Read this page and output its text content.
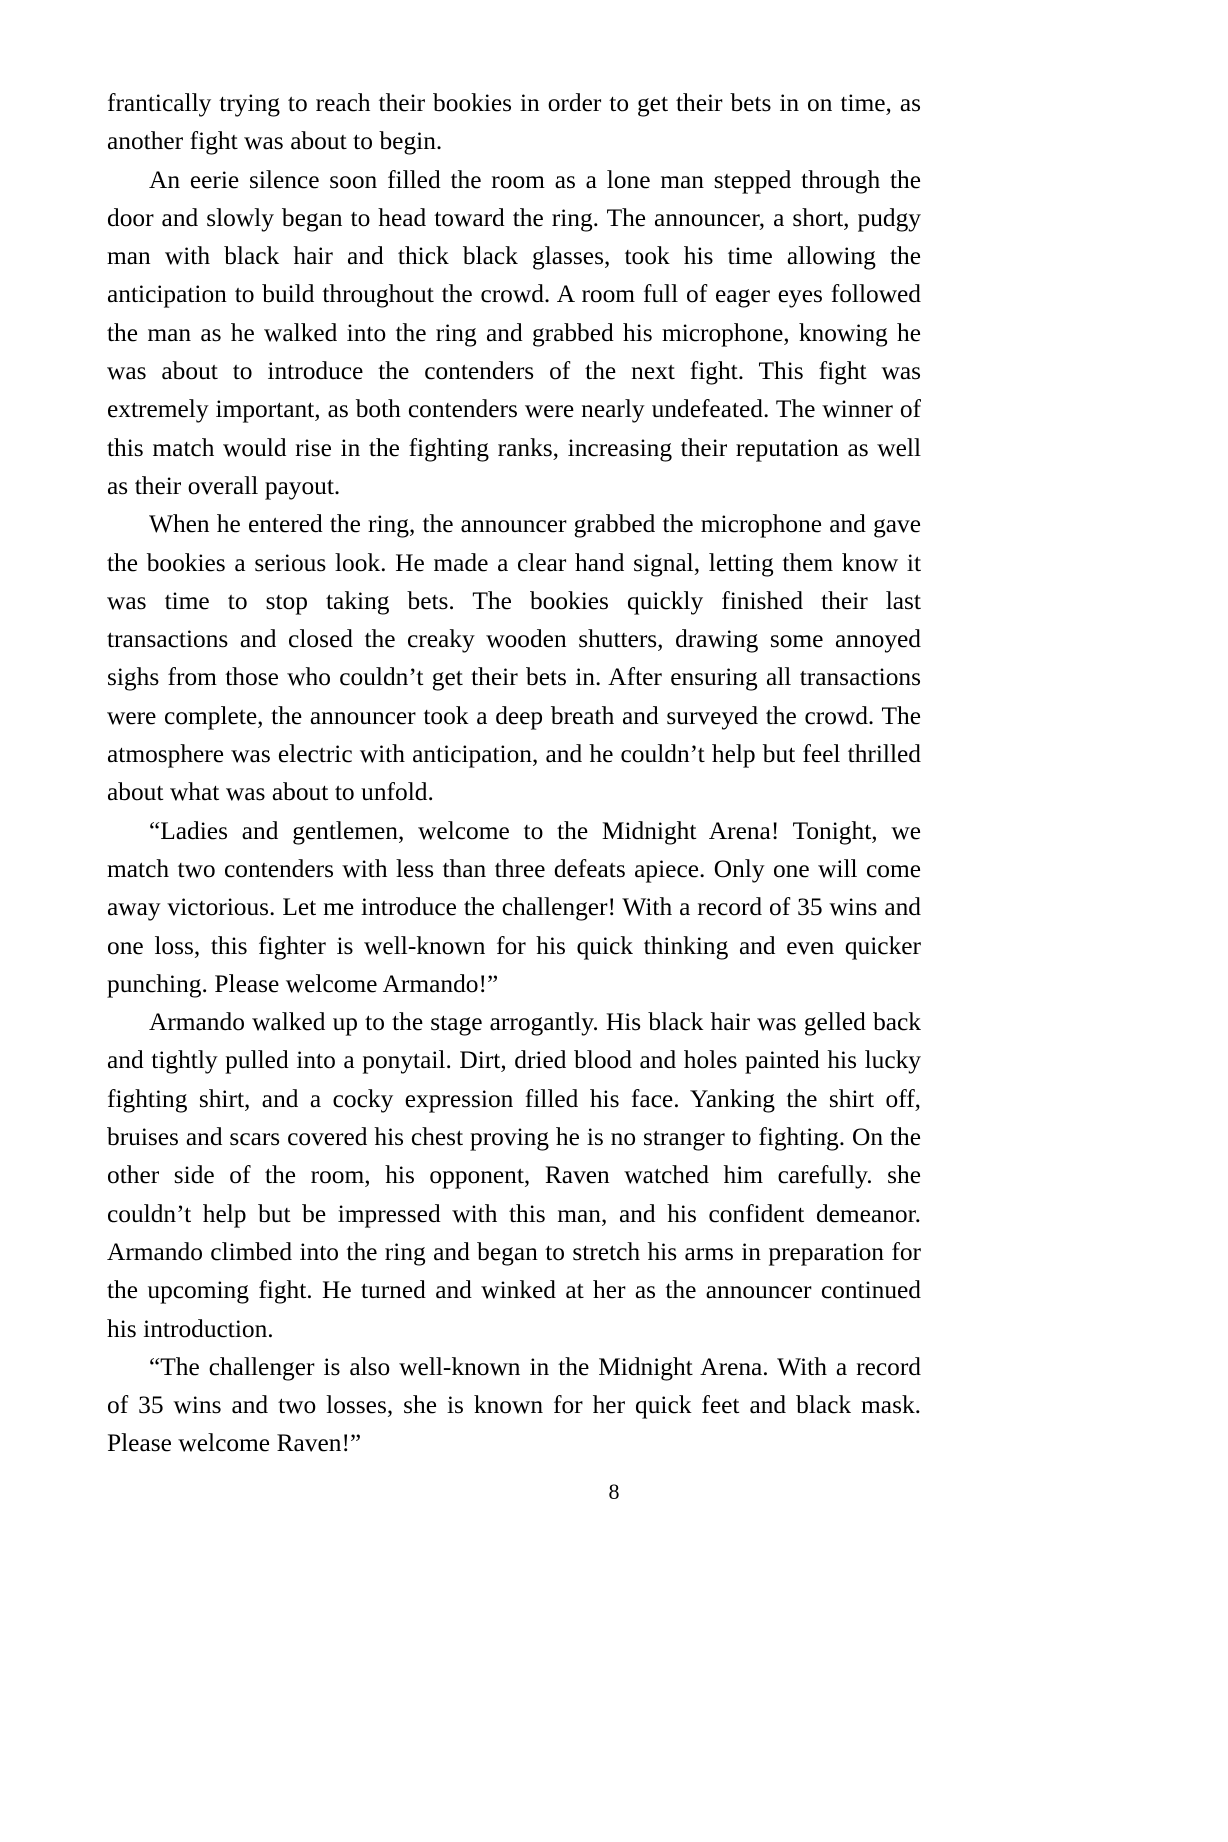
frantically trying to reach their bookies in order to get their bets in on time, as another fight was about to begin.

An eerie silence soon filled the room as a lone man stepped through the door and slowly began to head toward the ring. The announcer, a short, pudgy man with black hair and thick black glasses, took his time allowing the anticipation to build throughout the crowd. A room full of eager eyes followed the man as he walked into the ring and grabbed his microphone, knowing he was about to introduce the contenders of the next fight. This fight was extremely important, as both contenders were nearly undefeated. The winner of this match would rise in the fighting ranks, increasing their reputation as well as their overall payout.

When he entered the ring, the announcer grabbed the microphone and gave the bookies a serious look. He made a clear hand signal, letting them know it was time to stop taking bets. The bookies quickly finished their last transactions and closed the creaky wooden shutters, drawing some annoyed sighs from those who couldn’t get their bets in. After ensuring all transactions were complete, the announcer took a deep breath and surveyed the crowd. The atmosphere was electric with anticipation, and he couldn’t help but feel thrilled about what was about to unfold.

“Ladies and gentlemen, welcome to the Midnight Arena! Tonight, we match two contenders with less than three defeats apiece. Only one will come away victorious. Let me introduce the challenger! With a record of 35 wins and one loss, this fighter is well-known for his quick thinking and even quicker punching. Please welcome Armando!”

Armando walked up to the stage arrogantly. His black hair was gelled back and tightly pulled into a ponytail. Dirt, dried blood and holes painted his lucky fighting shirt, and a cocky expression filled his face. Yanking the shirt off, bruises and scars covered his chest proving he is no stranger to fighting. On the other side of the room, his opponent, Raven watched him carefully. she couldn’t help but be impressed with this man, and his confident demeanor. Armando climbed into the ring and began to stretch his arms in preparation for the upcoming fight. He turned and winked at her as the announcer continued his introduction.

“The challenger is also well-known in the Midnight Arena. With a record of 35 wins and two losses, she is known for her quick feet and black mask. Please welcome Raven!”

8
